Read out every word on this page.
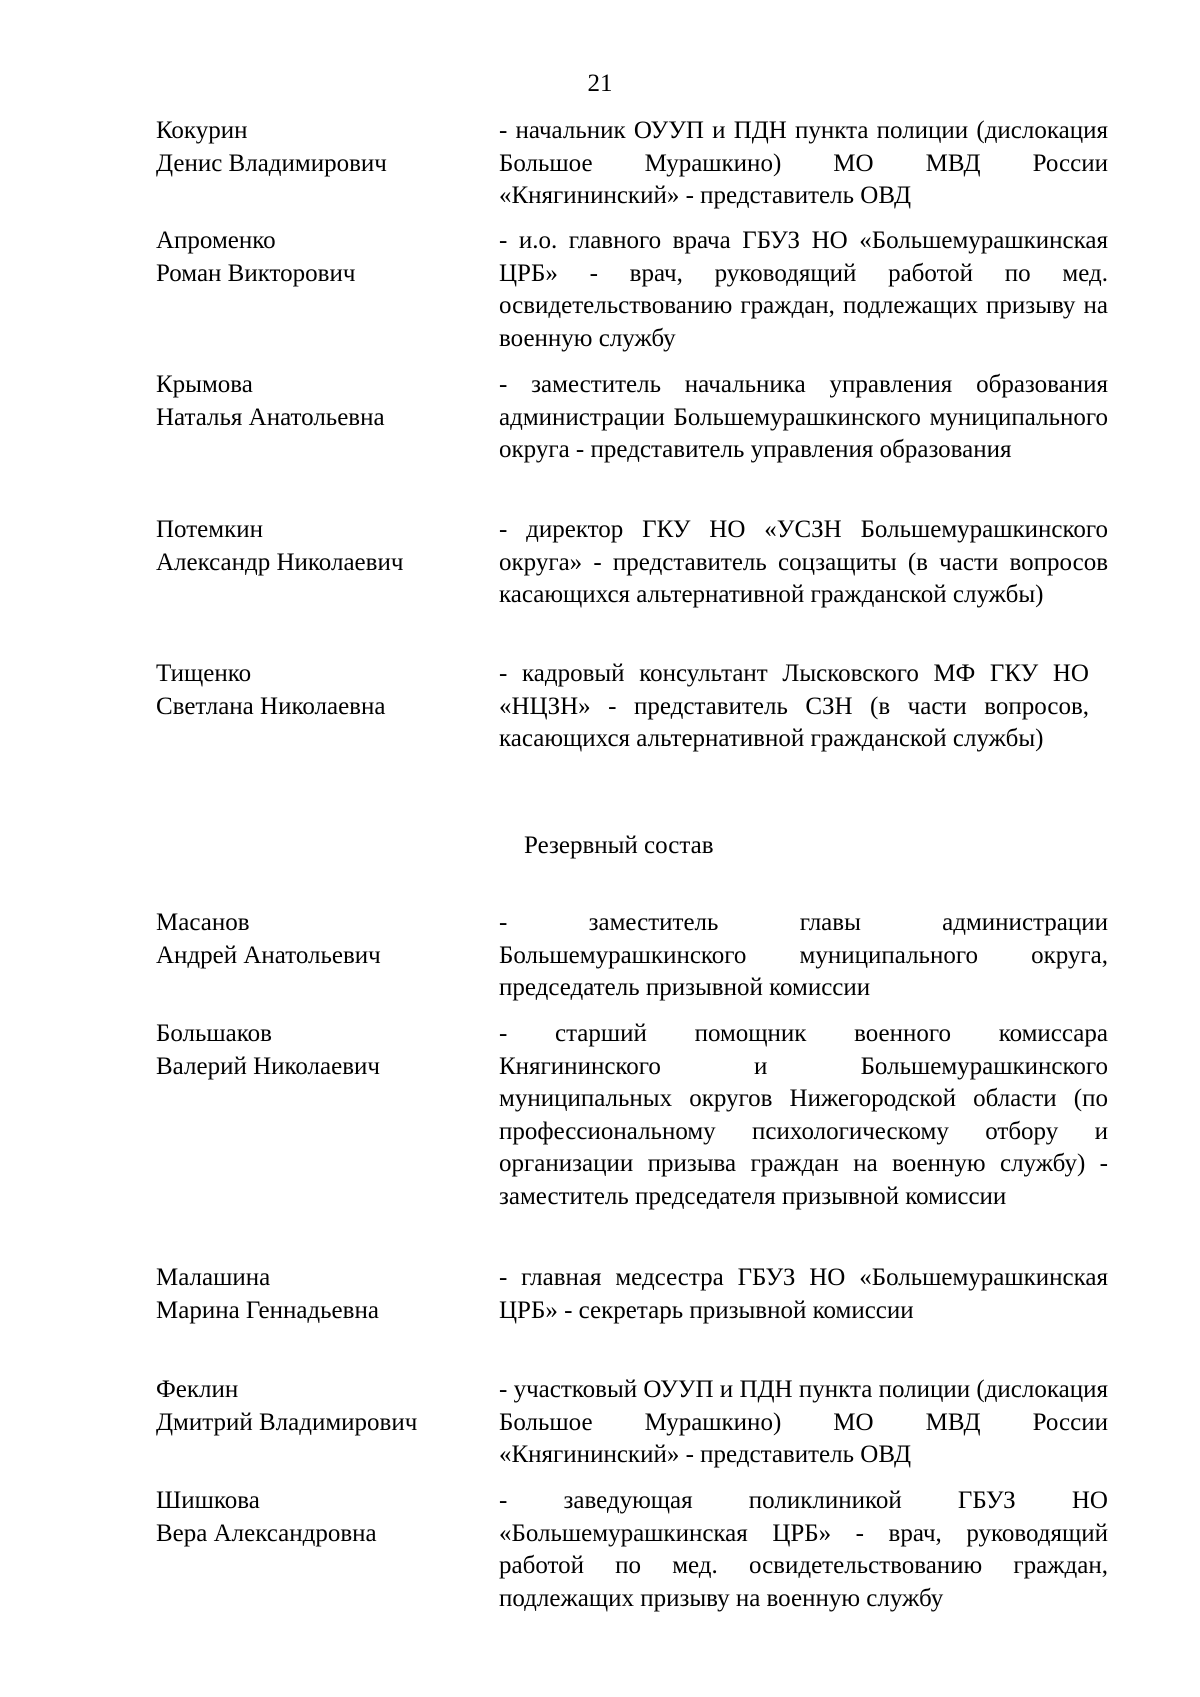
21
Кокурин
Денис Владимирович
- начальник ОУУП и ПДН пункта полиции (дислокация Большое Мурашкино) МО МВД России «Княгининский» - представитель ОВД
Апроменко
Роман Викторович
- и.о. главного врача ГБУЗ НО «Большемурашкинская ЦРБ» - врач, руководящий работой по мед. освидетельствованию граждан, подлежащих призыву на военную службу
Крымова
Наталья Анатольевна
- заместитель начальника управления образования администрации Большемурашкинского муниципального округа - представитель управления образования
Потемкин
Александр Николаевич
- директор ГКУ НО «УСЗН Большемурашкинского округа» - представитель соцзащиты (в части вопросов касающихся альтернативной гражданской службы)
Тищенко
Светлана Николаевна
- кадровый консультант Лысковского МФ ГКУ НО «НЦЗН» - представитель СЗН (в части вопросов, касающихся альтернативной гражданской службы)
Резервный состав
Масанов
Андрей Анатольевич
- заместитель главы администрации Большемурашкинского муниципального округа, председатель призывной комиссии
Большаков
Валерий Николаевич
- старший помощник военного комиссара Княгининского и Большемурашкинского муниципальных округов Нижегородской области (по профессиональному психологическому отбору и организации призыва граждан на военную службу) - заместитель председателя призывной комиссии
Малашина
Марина Геннадьевна
- главная медсестра ГБУЗ НО «Большемурашкинская ЦРБ» - секретарь призывной комиссии
Феклин
Дмитрий Владимирович
- участковый ОУУП и ПДН пункта полиции (дислокация Большое Мурашкино) МО МВД России «Княгининский» - представитель ОВД
Шишкова
Вера Александровна
- заведующая поликлиникой ГБУЗ НО «Большемурашкинская ЦРБ» - врач, руководящий работой по мед. освидетельствованию граждан, подлежащих призыву на военную службу
